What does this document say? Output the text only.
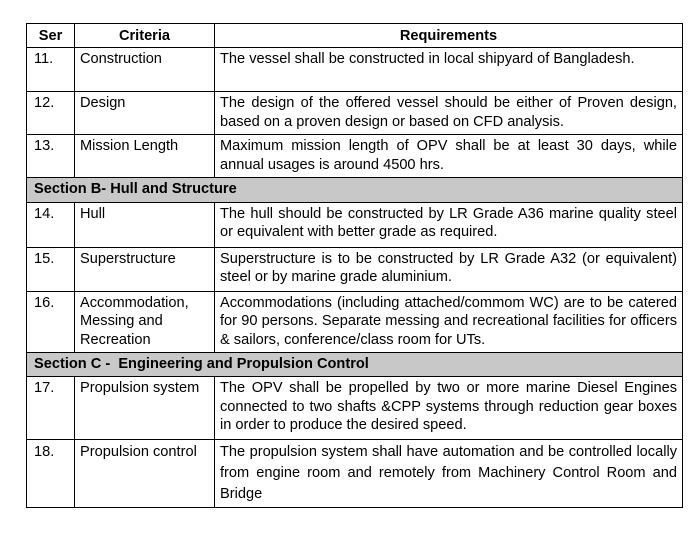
Ser	Criteria	Requirements
11.	Construction	The vessel shall be constructed in local shipyard of Bangladesh.
12.	Design	The design of the offered vessel should be either of Proven design, based on a proven design or based on CFD analysis.
13.	Mission Length	Maximum mission length of OPV shall be at least 30 days, while annual usages is around 4500 hrs.
Section B- Hull and Structure		
14.	Hull	The hull should be constructed by LR Grade A36 marine quality steel or equivalent with better grade as required.
15.	Superstructure	Superstructure is to be constructed by LR Grade A32 (or equivalent) steel or by marine grade aluminium.
16.	Accommodation, Messing and Recreation	Accommodations (including attached/commom WC) are to be catered for 90 persons. Separate messing and recreational facilities for officers & sailors, conference/class room for UTs.
Section C -  Engineering and Propulsion Control		
17.	Propulsion system	The OPV shall be propelled by two or more marine Diesel Engines connected to two shafts &CPP systems through reduction gear boxes in order to produce the desired speed.
18.	Propulsion control	The propulsion system shall have automation and be controlled locally from engine room and remotely from Machinery Control Room and Bridge
